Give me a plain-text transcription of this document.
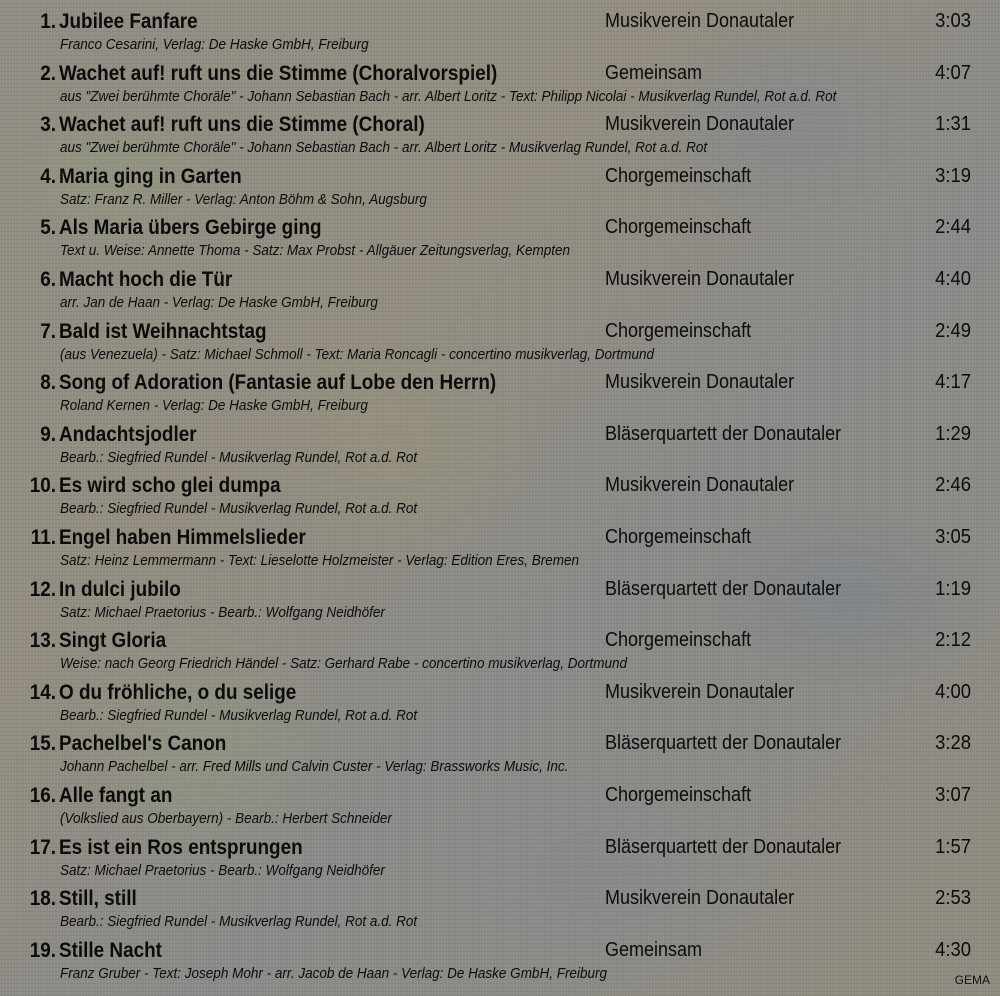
1. Jubilee Fanfare	Musikverein Donautaler	3:03
Franco Cesarini, Verlag: De Haske GmbH, Freiburg
2. Wachet auf! ruft uns die Stimme (Choralvorspiel)	Gemeinsam	4:07
aus "Zwei berühmte Choräle" - Johann Sebastian Bach - arr. Albert Loritz - Text: Philipp Nicolai - Musikverlag Rundel, Rot a.d. Rot
3. Wachet auf! ruft uns die Stimme (Choral)	Musikverein Donautaler	1:31
aus "Zwei berühmte Choräle" - Johann Sebastian Bach - arr. Albert Loritz - Musikverlag Rundel, Rot a.d. Rot
4. Maria ging in Garten	Chorgemeinschaft	3:19
Satz: Franz R. Miller - Verlag: Anton Böhm & Sohn, Augsburg
5. Als Maria übers Gebirge ging	Chorgemeinschaft	2:44
Text u. Weise: Annette Thoma - Satz: Max Probst - Allgäuer Zeitungsverlag, Kempten
6. Macht hoch die Tür	Musikverein Donautaler	4:40
arr. Jan de Haan - Verlag: De Haske GmbH, Freiburg
7. Bald ist Weihnachtstag	Chorgemeinschaft	2:49
(aus Venezuela) - Satz: Michael Schmoll - Text: Maria Roncagli - concertino musikverlag, Dortmund
8. Song of Adoration (Fantasie auf Lobe den Herrn)	Musikverein Donautaler	4:17
Roland Kernen - Verlag: De Haske GmbH, Freiburg
9. Andachtsjodler	Bläserquartett der Donautaler	1:29
Bearb.: Siegfried Rundel - Musikverlag Rundel, Rot a.d. Rot
10. Es wird scho glei dumpa	Musikverein Donautaler	2:46
Bearb.: Siegfried Rundel - Musikverlag Rundel, Rot a.d. Rot
11. Engel haben Himmelslieder	Chorgemeinschaft	3:05
Satz: Heinz Lemmermann - Text: Lieselotte Holzmeister - Verlag: Edition Eres, Bremen
12. In dulci jubilo	Bläserquartett der Donautaler	1:19
Satz: Michael Praetorius - Bearb.: Wolfgang Neidhöfer
13. Singt Gloria	Chorgemeinschaft	2:12
Weise: nach Georg Friedrich Händel - Satz: Gerhard Rabe - concertino musikverlag, Dortmund
14. O du fröhliche, o du selige	Musikverein Donautaler	4:00
Bearb.: Siegfried Rundel - Musikverlag Rundel, Rot a.d. Rot
15. Pachelbel's Canon	Bläserquartett der Donautaler	3:28
Johann Pachelbel - arr. Fred Mills und Calvin Custer - Verlag: Brassworks Music, Inc.
16. Alle fangt an	Chorgemeinschaft	3:07
(Volkslied aus Oberbayern) - Bearb.: Herbert Schneider
17. Es ist ein Ros entsprungen	Bläserquartett der Donautaler	1:57
Satz: Michael Praetorius - Bearb.: Wolfgang Neidhöfer
18. Still, still	Musikverein Donautaler	2:53
Bearb.: Siegfried Rundel - Musikverlag Rundel, Rot a.d. Rot
19. Stille Nacht	Gemeinsam	4:30
Franz Gruber - Text: Joseph Mohr - arr. Jacob de Haan - Verlag: De Haske GmbH, Freiburg	GEMA
